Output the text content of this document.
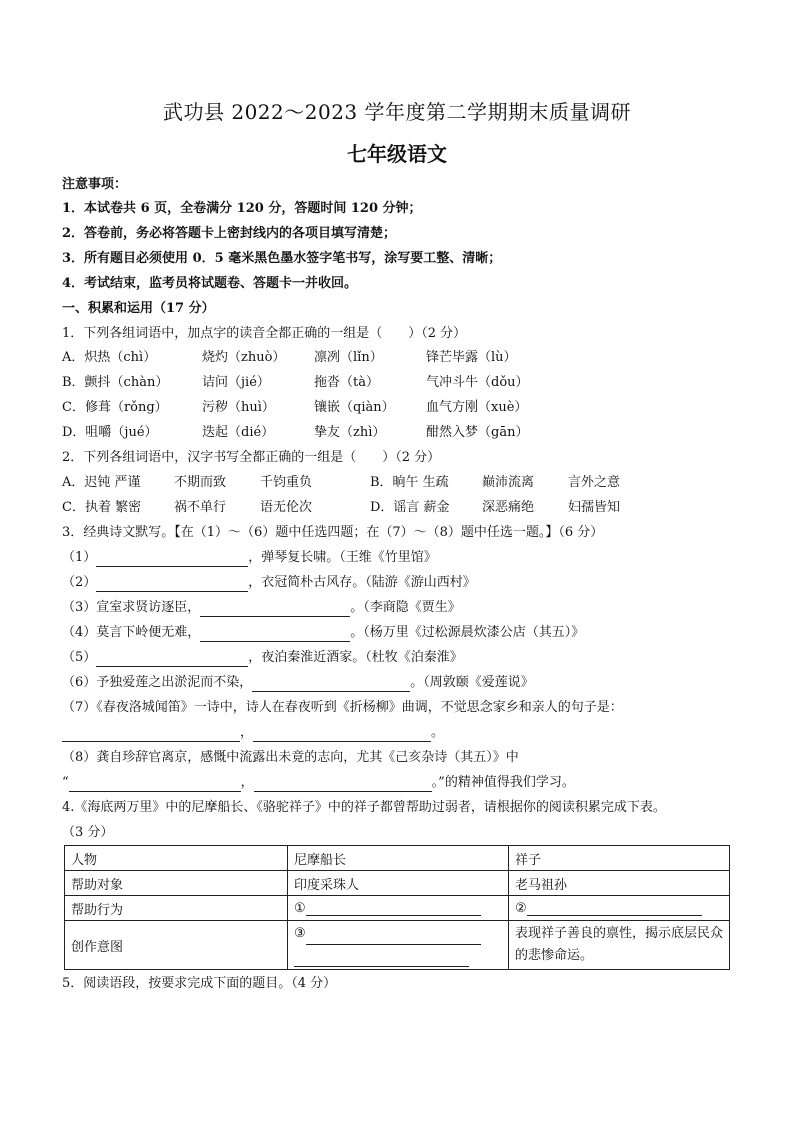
武功县 2022～2023 学年度第二学期期末质量调研
七年级语文
注意事项：
1．本试卷共 6 页，全卷满分 120 分，答题时间 120 分钟；
2．答卷前，务必将答题卡上密封线内的各项目填写清楚；
3．所有题目必须使用 0．5 毫米黑色墨水签字笔书写，涂写要工整、清晰；
4．考试结束，监考员将试题卷、答题卡一并收回。
一、积累和运用（17 分）
1．下列各组词语中，加点字的读音全都正确的一组是（　　）（2 分）
A．炽热（chì）	烧灼（zhuò） 凛冽（lǐn）	锋芒毕露（lù）
B．颤抖（chàn）	诘问（jié）	拖沓（tà）	气冲斗牛（dǒu）
C．修葺（rǒng）	污秽（huì）	镶嵌（qiàn） 血气方刚（xuè）
D．咀嚼（jué）	迭起（dié）	挚友（zhì）	酣然入梦（gān）
2．下列各组词语中，汉字书写全都正确的一组是（　　）（2 分）
A．迟钝 严谨	不期而致	千钧重负	B．晌午 生疏	巅沛流离	言外之意
C．执着 繁密	祸不单行	语无伦次	D．谣言 薪金 深恶痛绝	妇孺皆知
3．经典诗文默写。【在（1）～（6）题中任选四题；在（7）～（8）题中任选一题。】（6 分）
（1）	，弹琴复长啸。（王维《竹里馆》
（2）	，衣冠简朴古风存。（陆游《游山西村》
（3）宣室求贤访逐臣，	。（李商隐《贾生》
（4）莫言下岭便无难，	。（杨万里《过松源晨炊漆公店（其五）》
（5）	，夜泊秦淮近酒家。（杜牧《泊秦淮》
（6）予独爱莲之出淤泥而不染，	。（周敦颐《爱莲说》
（7）《春夜洛城闻笛》一诗中，诗人在春夜听到《折杨柳》曲调，不觉思念家乡和亲人的句子是：
，	。
（8）龚自珍辞官离京，感慨中流露出未竟的志向，尤其《己亥杂诗（其五）》中
“	，	。”的精神值得我们学习。
4.《海底两万里》中的尼摩船长、《骆驼祥子》中的祥子都曾帮助过弱者，请根据你的阅读积累完成下表。
（3 分）
人物	尼摩船长	祥子
帮助对象	印度采珠人	老马祖孙
帮助行为	①	②
创作意图	③	表现祥子善良的禀性，揭示底层民众的悲惨命运。
5．阅读语段，按要求完成下面的题目。（4 分）
